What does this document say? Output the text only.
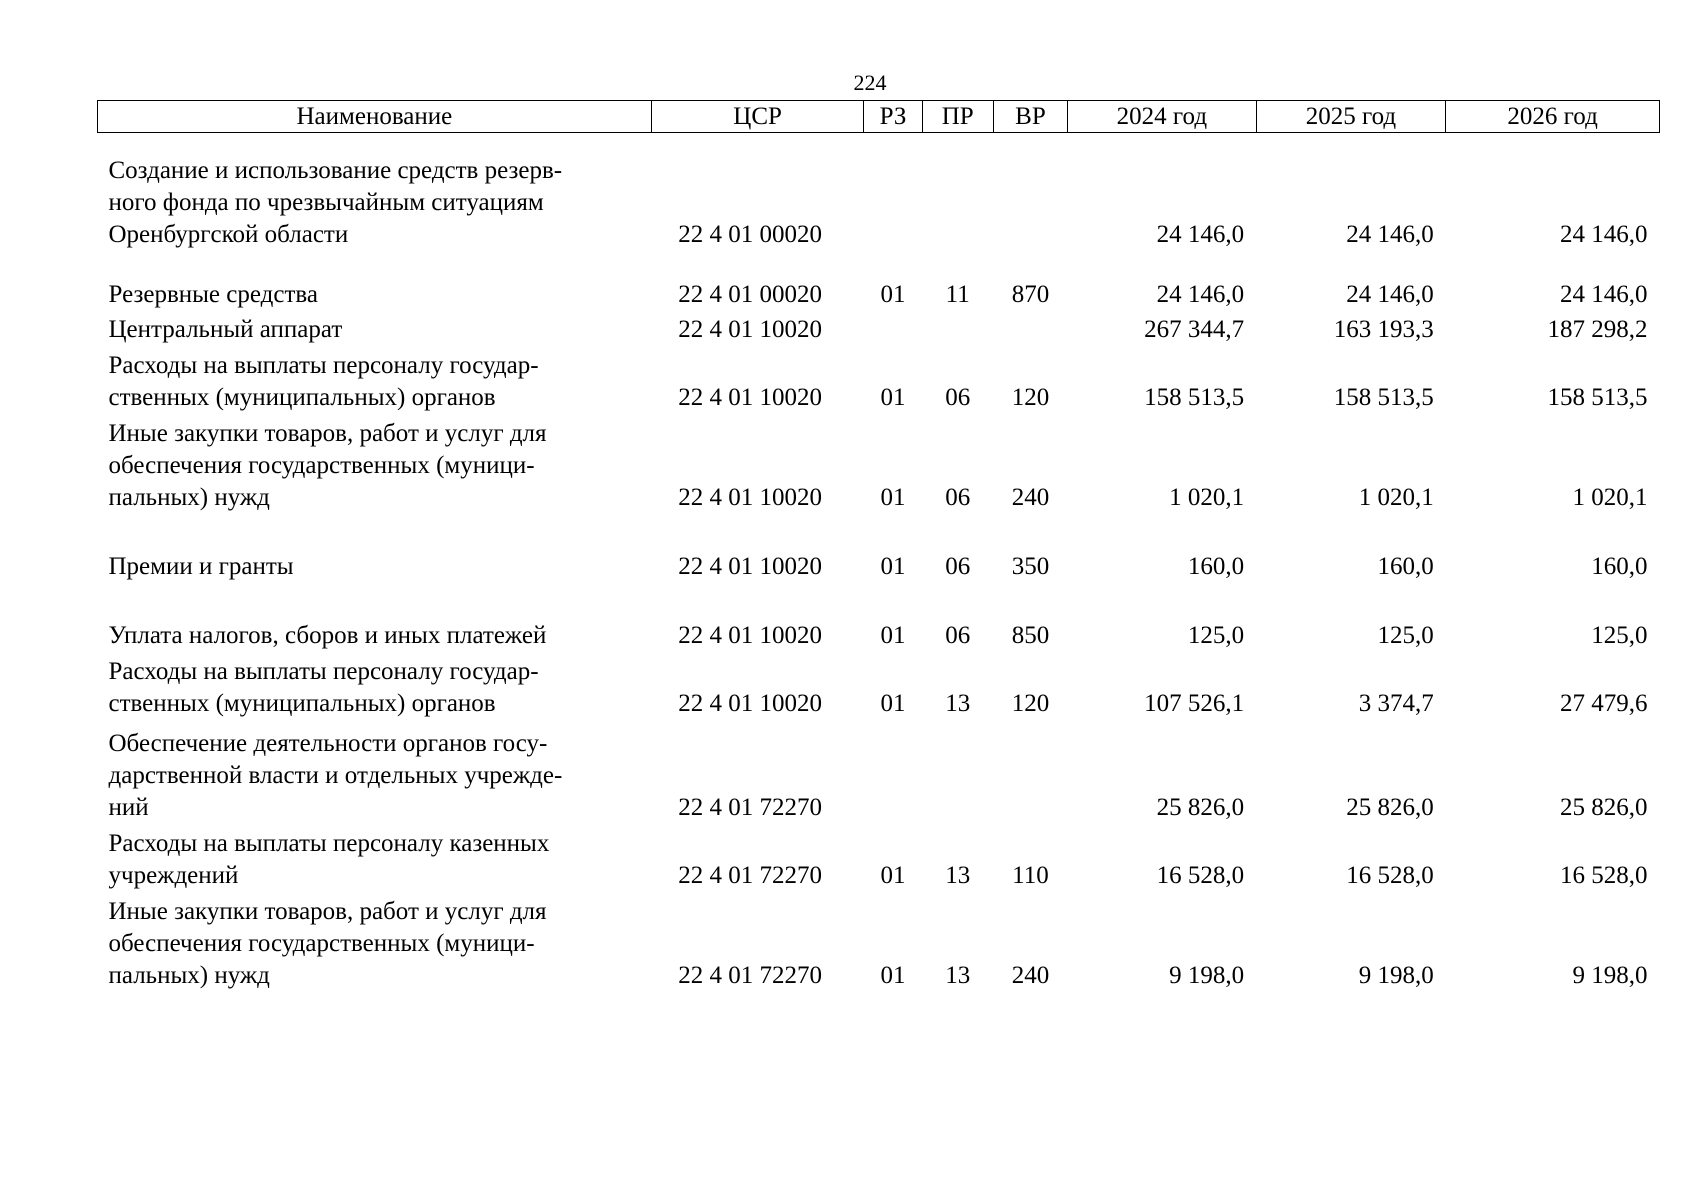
224
Наименование	ЦСР	РЗ	ПР	ВР	2024 год	2025 год	2026 год

Создание и использование средств резерв-
ного фонда по чрезвычайным ситуациям
Оренбургской области	22 4 01 00020				24 146,0	24 146,0	24 146,0

Резервные средства	22 4 01 00020	01	11	870	24 146,0	24 146,0	24 146,0

Центральный аппарат	22 4 01 10020				267 344,7	163 193,3	187 298,2

Расходы на выплаты персоналу государ-
ственных (муниципальных) органов	22 4 01 10020	01	06	120	158 513,5	158 513,5	158 513,5

Иные закупки товаров, работ и услуг для
обеспечения государственных (муници-
пальных) нужд	22 4 01 10020	01	06	240	1 020,1	1 020,1	1 020,1

Премии и гранты	22 4 01 10020	01	06	350	160,0	160,0	160,0

Уплата налогов, сборов и иных платежей	22 4 01 10020	01	06	850	125,0	125,0	125,0

Расходы на выплаты персоналу государ-
ственных (муниципальных) органов	22 4 01 10020	01	13	120	107 526,1	3 374,7	27 479,6

Обеспечение деятельности органов госу-
дарственной власти и отдельных учрежде-
ний	22 4 01 72270				25 826,0	25 826,0	25 826,0

Расходы на выплаты персоналу казенных
учреждений	22 4 01 72270	01	13	110	16 528,0	16 528,0	16 528,0

Иные закупки товаров, работ и услуг для
обеспечения государственных (муници-
пальных) нужд	22 4 01 72270	01	13	240	9 198,0	9 198,0	9 198,0
